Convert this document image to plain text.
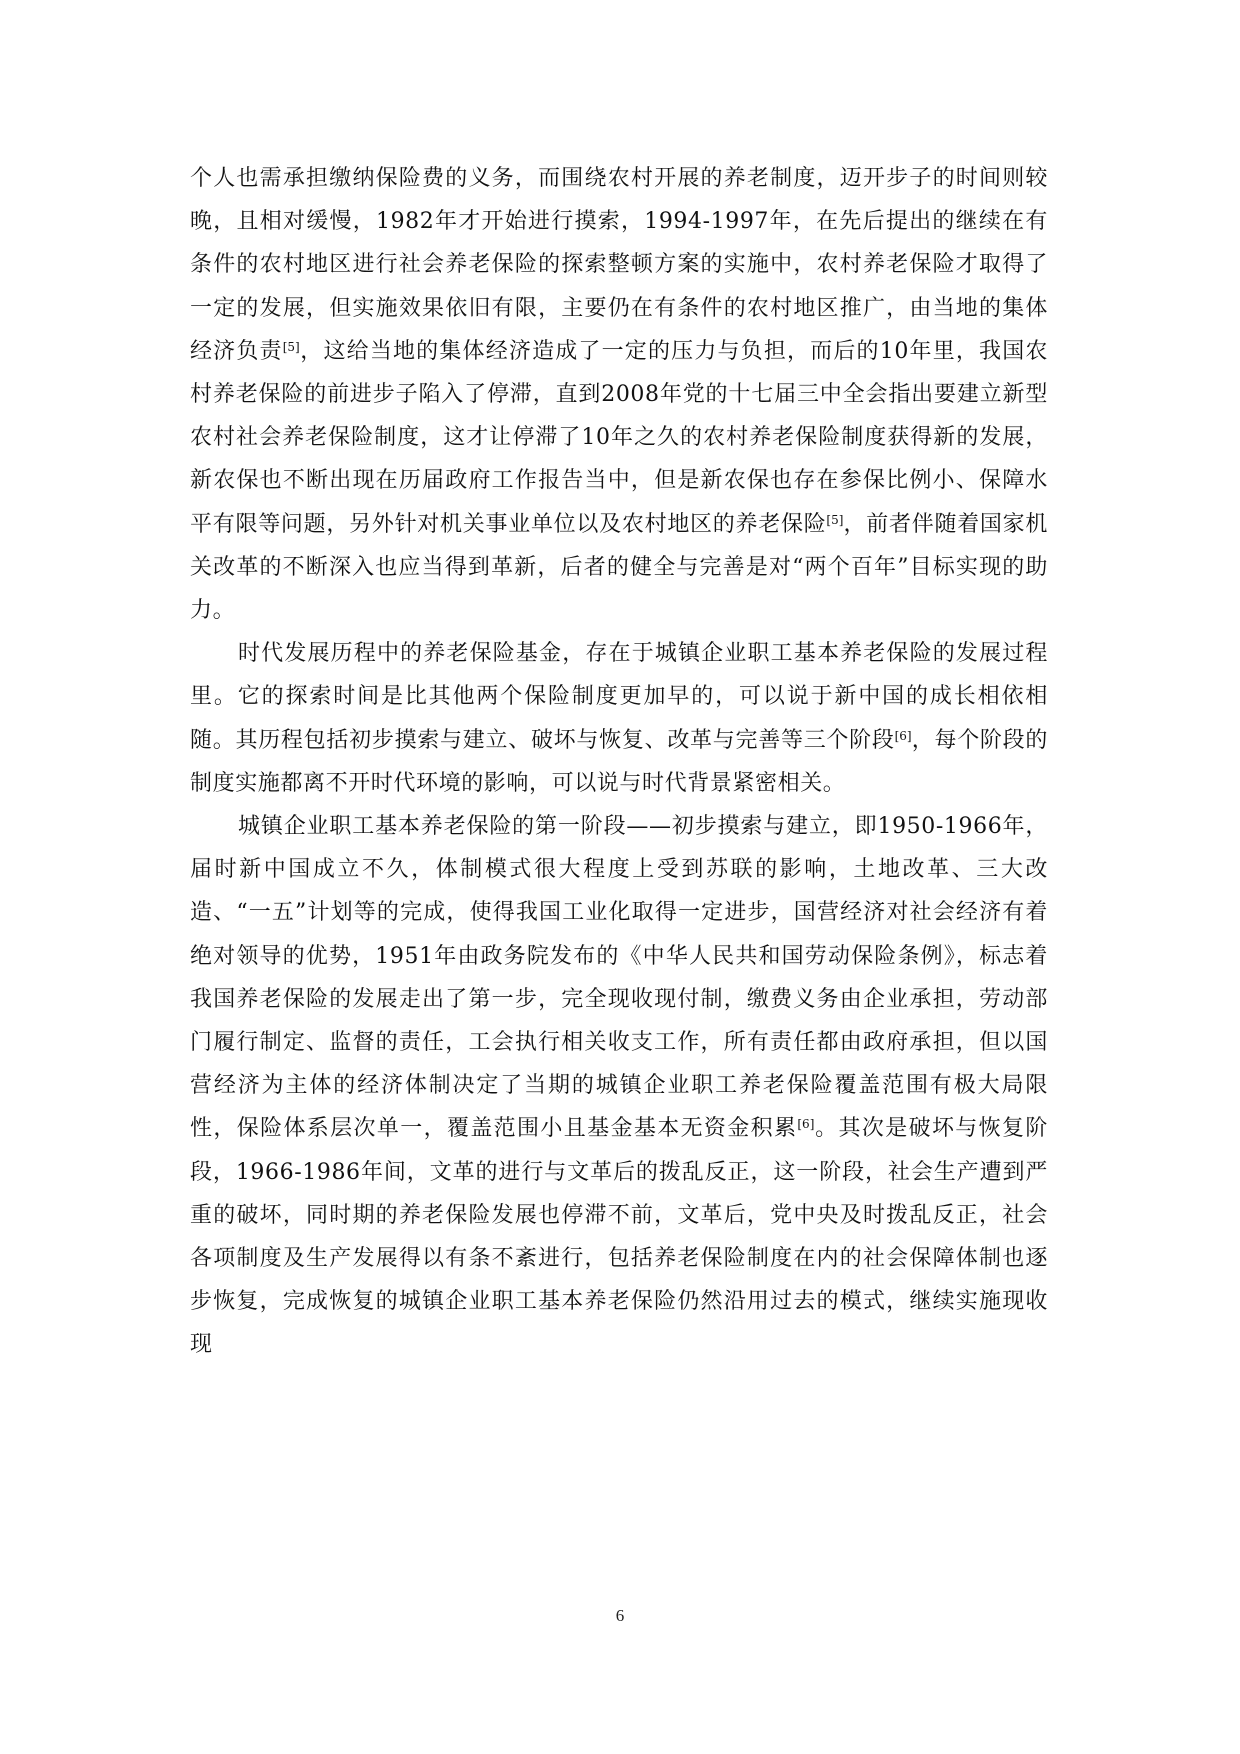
个人也需承担缴纳保险费的义务，而围绕农村开展的养老制度，迈开步子的时间则较晚，且相对缓慢，1982年才开始进行摸索，1994-1997年，在先后提出的继续在有条件的农村地区进行社会养老保险的探索整顿方案的实施中，农村养老保险才取得了一定的发展，但实施效果依旧有限，主要仍在有条件的农村地区推广，由当地的集体经济负责[5]，这给当地的集体经济造成了一定的压力与负担，而后的10年里，我国农村养老保险的前进步子陷入了停滞，直到2008年党的十七届三中全会指出要建立新型农村社会养老保险制度，这才让停滞了10年之久的农村养老保险制度获得新的发展，新农保也不断出现在历届政府工作报告当中，但是新农保也存在参保比例小、保障水平有限等问题，另外针对机关事业单位以及农村地区的养老保险[5]，前者伴随着国家机关改革的不断深入也应当得到革新，后者的健全与完善是对“两个百年”目标实现的助力。

时代发展历程中的养老保险基金，存在于城镇企业职工基本养老保险的发展过程里。它的探索时间是比其他两个保险制度更加早的，可以说于新中国的成长相依相随。其历程包括初步摸索与建立、破坏与恢复、改革与完善等三个阶段[6]，每个阶段的制度实施都离不开时代环境的影响，可以说与时代背景紧密相关。

城镇企业职工基本养老保险的第一阶段——初步摸索与建立，即1950-1966年，届时新中国成立不久，体制模式很大程度上受到苏联的影响，土地改革、三大改造、“一五”计划等的完成，使得我国工业化取得一定进步，国营经济对社会经济有着绝对领导的优势，1951年由政务院发布的《中华人民共和国劳动保险条例》，标志着我国养老保险的发展走出了第一步，完全现收现付制，缴费义务由企业承担，劳动部门履行制定、监督的责任，工会执行相关收支工作，所有责任都由政府承担，但以国营经济为主体的经济体制决定了当期的城镇企业职工养老保险覆盖范围有极大局限性，保险体系层次单一，覆盖范围小且基金基本无资金积累[6]。其次是破坏与恢复阶段，1966-1986年间，文革的进行与文革后的拨乱反正，这一阶段，社会生产遭到严重的破坏，同时期的养老保险发展也停滞不前，文革后，党中央及时拨乱反正，社会各项制度及生产发展得以有条不紊进行，包括养老保险制度在内的社会保障体制也逐步恢复，完成恢复的城镇企业职工基本养老保险仍然沿用过去的模式，继续实施现收现

6
